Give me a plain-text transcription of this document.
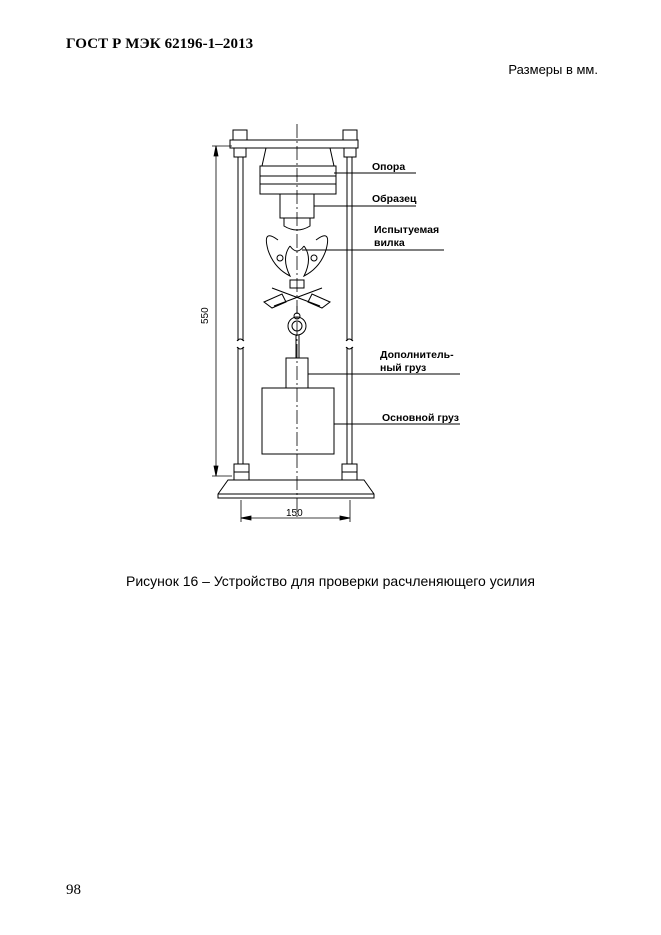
ГОСТ Р МЭК 62196-1–2013
Размеры в мм.
550
150
Опора
Образец
Испытуемая
вилка
Дополнитель-
ный груз
Основной груз
Рисунок 16 – Устройство для проверки расчленяющего усилия
98
